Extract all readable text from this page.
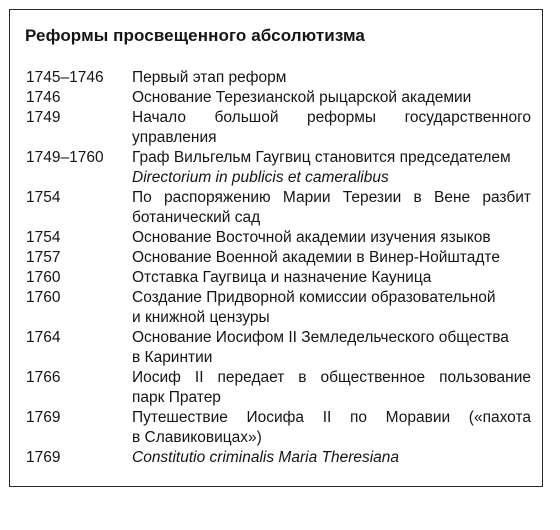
Реформы просвещенного абсолютизма
1745–1746	Первый этап реформ
1746	Основание Терезианской рыцарской академии
1749	Начало большой реформы государственного
управления
1749–1760	Граф Вильгельм Гаугвиц становится председателем
Directorium in publicis et cameralibus
1754	По распоряжению Марии Терезии в Вене разбит
ботанический сад
1754	Основание Восточной академии изучения языков
1757	Основание Военной академии в Винер-Нойштадте
1760	Отставка Гаугвица и назначение Кауница
1760	Создание Придворной комиссии образовательной
и книжной цензуры
1764	Основание Иосифом II Земледельческого общества
в Каринтии
1766	Иосиф II передает в общественное пользование
парк Пратер
1769	Путешествие Иосифа II по Моравии («пахота
в Славиковицах»)
1769	Constitutio criminalis Maria Theresiana
